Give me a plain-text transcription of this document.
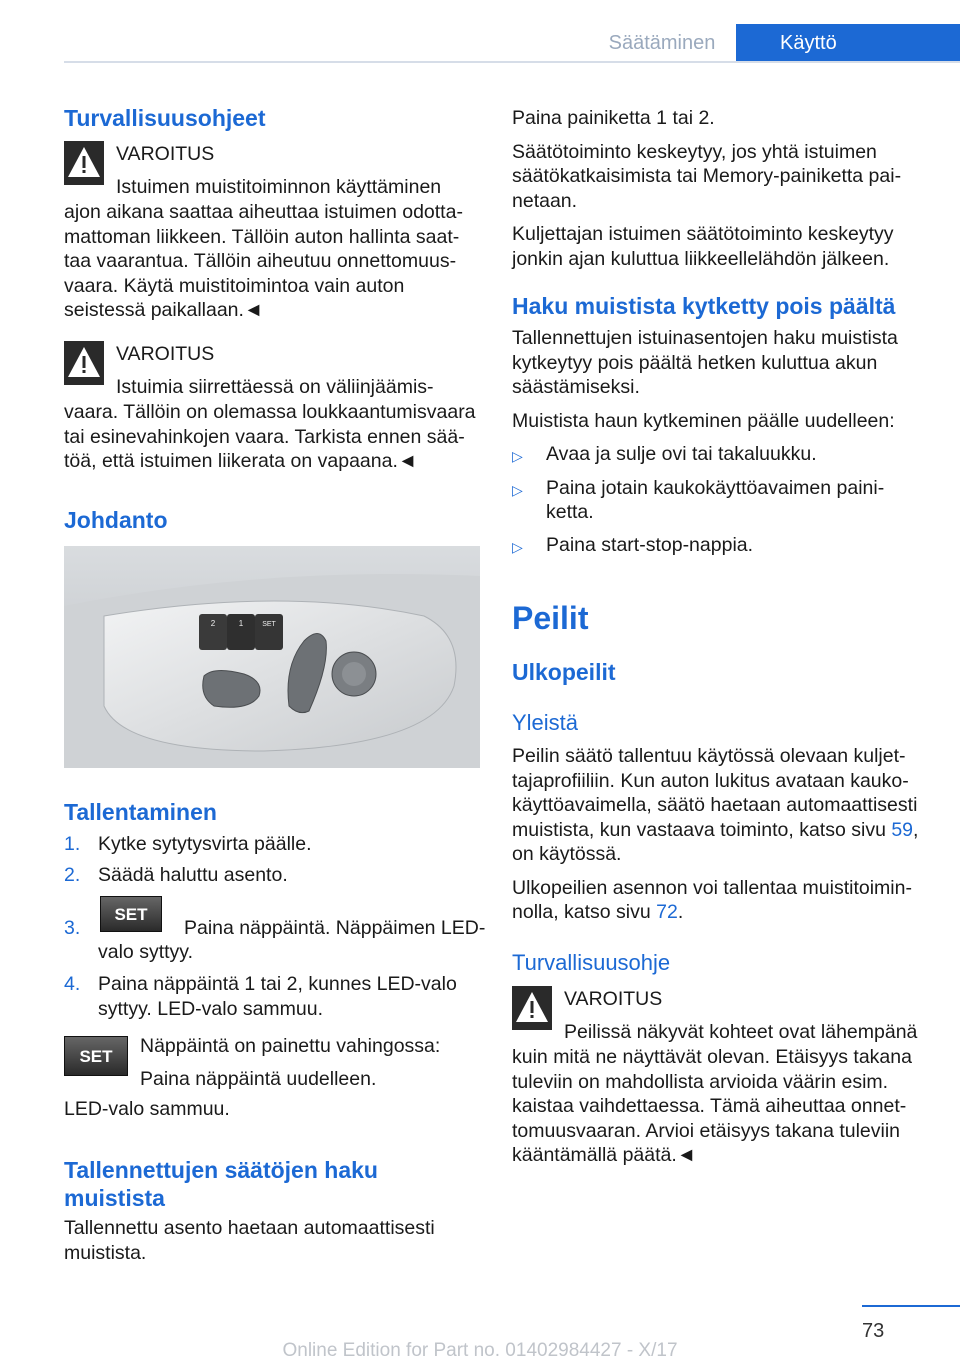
Säätäminen	Käyttö
Turvallisuusohjeet

VAROITUS

Istuimen muistitoiminnon käyttäminen

ajon aikana saattaa aiheuttaa istuimen odotta-

mattoman liikkeen. Tällöin auton hallinta saat-

taa vaarantua. Tällöin aiheutuu onnettomuus-

vaara. Käytä muistitoimintoa vain auton

seistessä paikallaan.◄

VAROITUS

Istuimia siirrettäessä on väliinjäämis-

vaara. Tällöin on olemassa loukkaantumisvaara

tai esinevahinkojen vaara. Tarkista ennen sää-

töä, että istuimen liikerata on vapaana.◄

Johdanto
2	1	SET
Tallentaminen
1. Kytke sytytysvirta päälle.
2. Säädä haluttu asento.
3.
SET
Paina näppäintä. Näppäimen LED-
valo syttyy.
4. Paina näppäintä 1 tai 2, kunnes LED-valo

syttyy. LED-valo sammuu.

SET	Näppäintä on painettu vahingossa:

Paina näppäintä uudelleen.

LED-valo sammuu.

Tallennettujen säätöjen haku
muistista

Tallennettu asento haetaan automaattisesti

muistista.

Paina painiketta 1 tai 2.

Säätötoiminto keskeytyy, jos yhtä istuimen

säätökatkaisimista tai Memory-painiketta pai-

netaan.

Kuljettajan istuimen säätötoiminto keskeytyy

jonkin ajan kuluttua liikkeellelähdön jälkeen.

Haku muistista kytketty pois päältä

Tallennettujen istuinasentojen haku muistista

kytkeytyy pois päältä hetken kuluttua akun

säästämiseksi.

Muistista haun kytkeminen päälle uudelleen:

▷ Avaa ja sulje ovi tai takaluukku.
▷ Paina jotain kaukokäyttöavaimen paini-
ketta.
▷ Paina start-stop-nappia.
Peilit
Ulkopeilit
Yleistä

Peilin säätö tallentuu käytössä olevaan kuljet-

tajaprofiiliin. Kun auton lukitus avataan kauko-

käyttöavaimella, säätö haetaan automaattisesti

muistista, kun vastaava toiminto, katso sivu 59,

on käytössä.

Ulkopeilien asennon voi tallentaa muistitoimin-

nolla, katso sivu 72.

Turvallisuusohje

VAROITUS

Peilissä näkyvät kohteet ovat lähempänä

kuin mitä ne näyttävät olevan. Etäisyys takana

tuleviin on mahdollista arvioida väärin esim.

kaistaa vaihdettaessa. Tämä aiheuttaa onnet-

tomuusvaaran. Arvioi etäisyys takana tuleviin

kääntämällä päätä.◄

73
Online Edition for Part no. 01402984427 - X/17
